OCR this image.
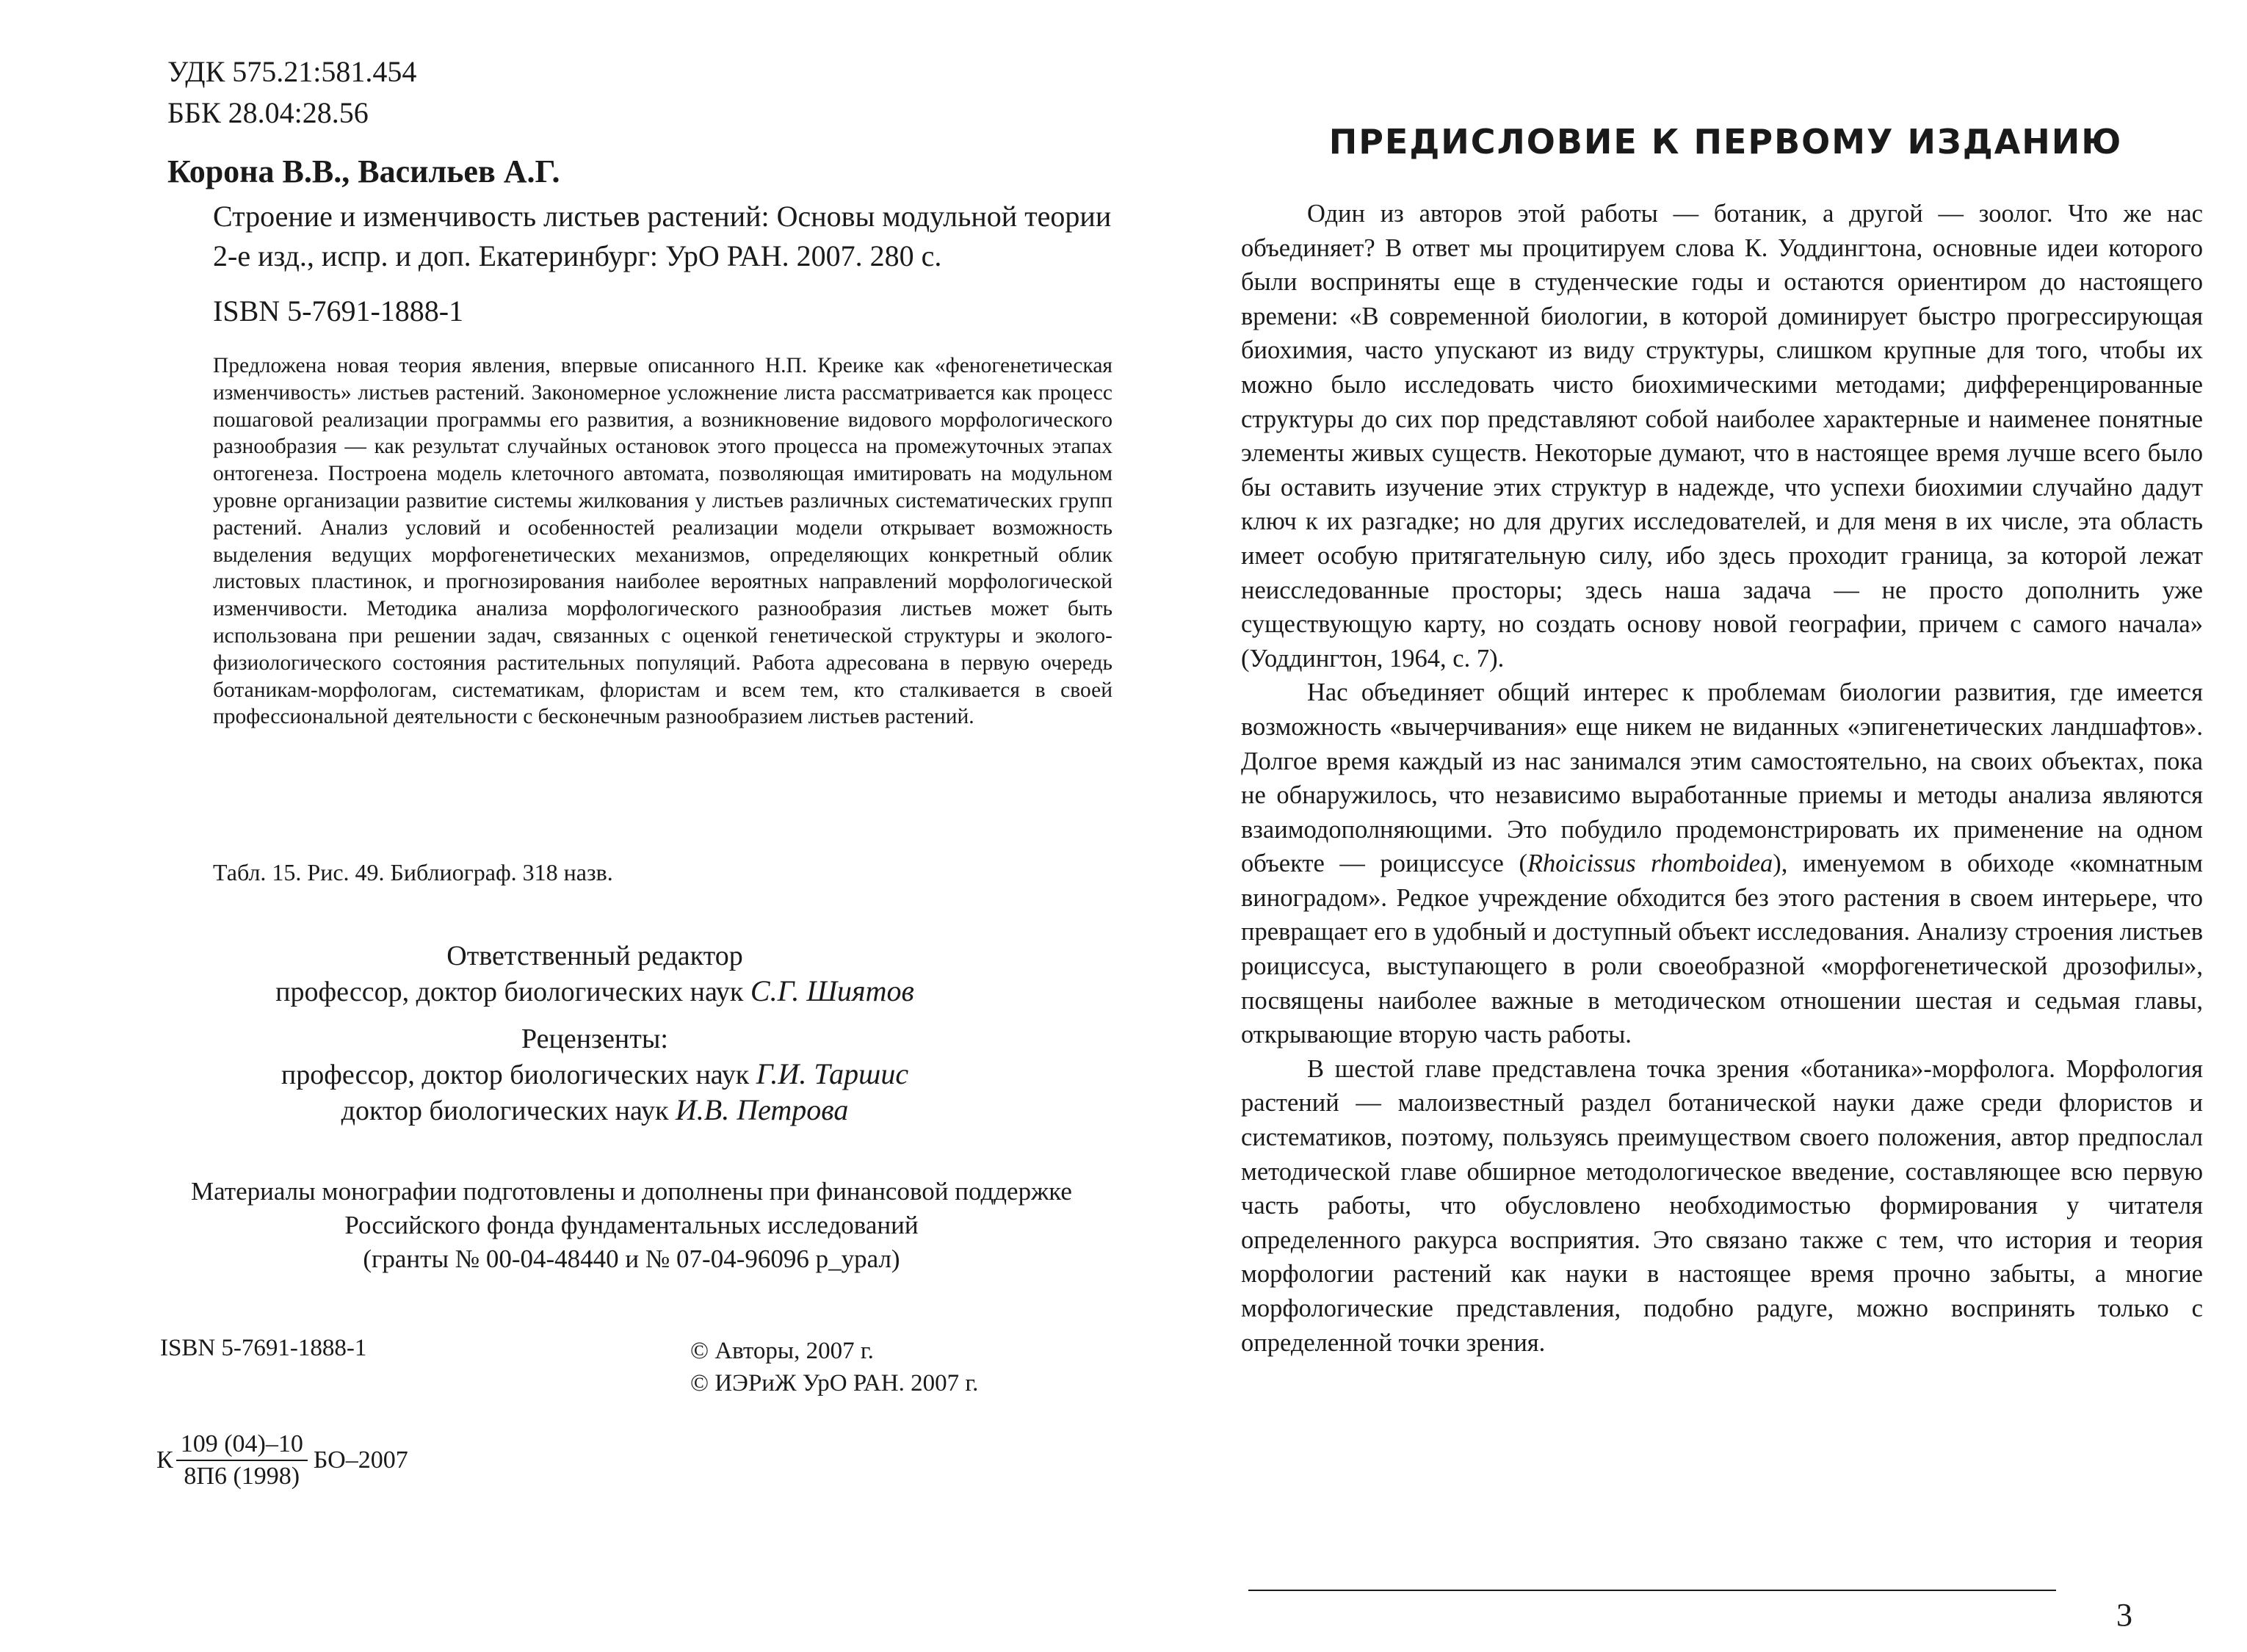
УДК 575.21:581.454
ББК 28.04:28.56
Корона В.В., Васильев А.Г.
Строение и изменчивость листьев растений: Основы модульной теории
2-е изд., испр. и доп. Екатеринбург: УрО РАН. 2007. 280 с.
ISBN 5-7691-1888-1

Предложена новая теория явления, впервые описанного Н.П. Креике как «феногенетическая изменчивость» листьев растений. Закономерное усложнение листа рассматривается как процесс пошаговой реализации программы его развития, а возникновение видового морфологического разнообразия — как результат случайных остановок этого процесса на промежуточных этапах онтогенеза. Построена модель клеточного автомата, позволяющая имитировать на модульном уровне организации развитие системы жилкования у листьев различных систематических групп растений. Анализ условий и особенностей реализации модели открывает возможность выделения ведущих морфогенетических механизмов, определяющих конкретный облик листовых пластинок, и прогнозирования наиболее вероятных направлений морфологической изменчивости. Методика анализа морфологического разнообразия листьев может быть использована при решении задач, связанных с оценкой генетической структуры и эколого-физиологического состояния растительных популяций. Работа адресована в первую очередь ботаникам-морфологам, систематикам, флористам и всем тем, кто сталкивается в своей профессиональной деятельности с бесконечным разнообразием листьев растений.

Табл. 15. Рис. 49. Библиограф. 318 назв.
Ответственный редактор
профессор, доктор биологических наук С.Г. Шиятов
Рецензенты:
профессор, доктор биологических наук Г.И. Таршис
доктор биологических наук И.В. Петрова
Материалы монографии подготовлены и дополнены при финансовой поддержке
Российского фонда фундаментальных исследований
(гранты № 00-04-48440 и № 07-04-96096 р_урал)
ISBN 5-7691-1888-1	© Авторы, 2007 г.
© ИЭРиЖ УрО РАН. 2007 г.
К $\frac{109 (04)-10}{8П6 (1998)} БО-2007$
ПРЕДИСЛОВИЕ К ПЕРВОМУ ИЗДАНИЮ

Один из авторов этой работы — ботаник, а другой — зоолог. Что же нас объединяет? В ответ мы процитируем слова К. Уоддингтона, основные идеи которого были восприняты еще в студенческие годы и остаются ориентиром до настоящего времени: «В современной биологии, в которой доминирует быстро прогрессирующая биохимия, часто упускают из виду структуры, слишком крупные для того, чтобы их можно было исследовать чисто биохимическими методами; дифференцированные структуры до сих пор представляют собой наиболее характерные и наименее понятные элементы живых существ. Некоторые думают, что в настоящее время лучше всего было бы оставить изучение этих структур в надежде, что успехи биохимии случайно дадут ключ к их разгадке; но для других исследователей, и для меня в их числе, эта область имеет особую притягательную силу, ибо здесь проходит граница, за которой лежат неисследованные просторы; здесь наша задача — не просто дополнить уже существующую карту, но создать основу новой географии, причем с самого начала» (Уоддингтон, 1964, с. 7).

Нас объединяет общий интерес к проблемам биологии развития, где имеется возможность «вычерчивания» еще никем не виданных «эпигенетических ландшафтов». Долгое время каждый из нас занимался этим самостоятельно, на своих объектах, пока не обнаружилось, что независимо выработанные приемы и методы анализа являются взаимодополняющими. Это побудило продемонстрировать их применение на одном объекте — роициссусе (Rhoicissus rhomboidea), именуемом в обиходе «комнатным виноградом». Редкое учреждение обходится без этого растения в своем интерьере, что превращает его в удобный и доступный объект исследования. Анализу строения листьев роициссуса, выступающего в роли своеобразной «морфогенетической дрозофилы», посвящены наиболее важные в методическом отношении шестая и седьмая главы, открывающие вторую часть работы.

В шестой главе представлена точка зрения «ботаника»-морфолога. Морфология растений — малоизвестный раздел ботанической науки даже среди флористов и систематиков, поэтому, пользуясь преимуществом своего положения, автор предпослал методической главе обширное методологическое введение, составляющее всю первую часть работы, что обусловлено необходимостью формирования у читателя определенного ракурса восприятия. Это связано также с тем, что история и теория морфологии растений как науки в настоящее время прочно забыты, а многие морфологические представления, подобно радуге, можно воспринять только с определенной точки зрения.

3
